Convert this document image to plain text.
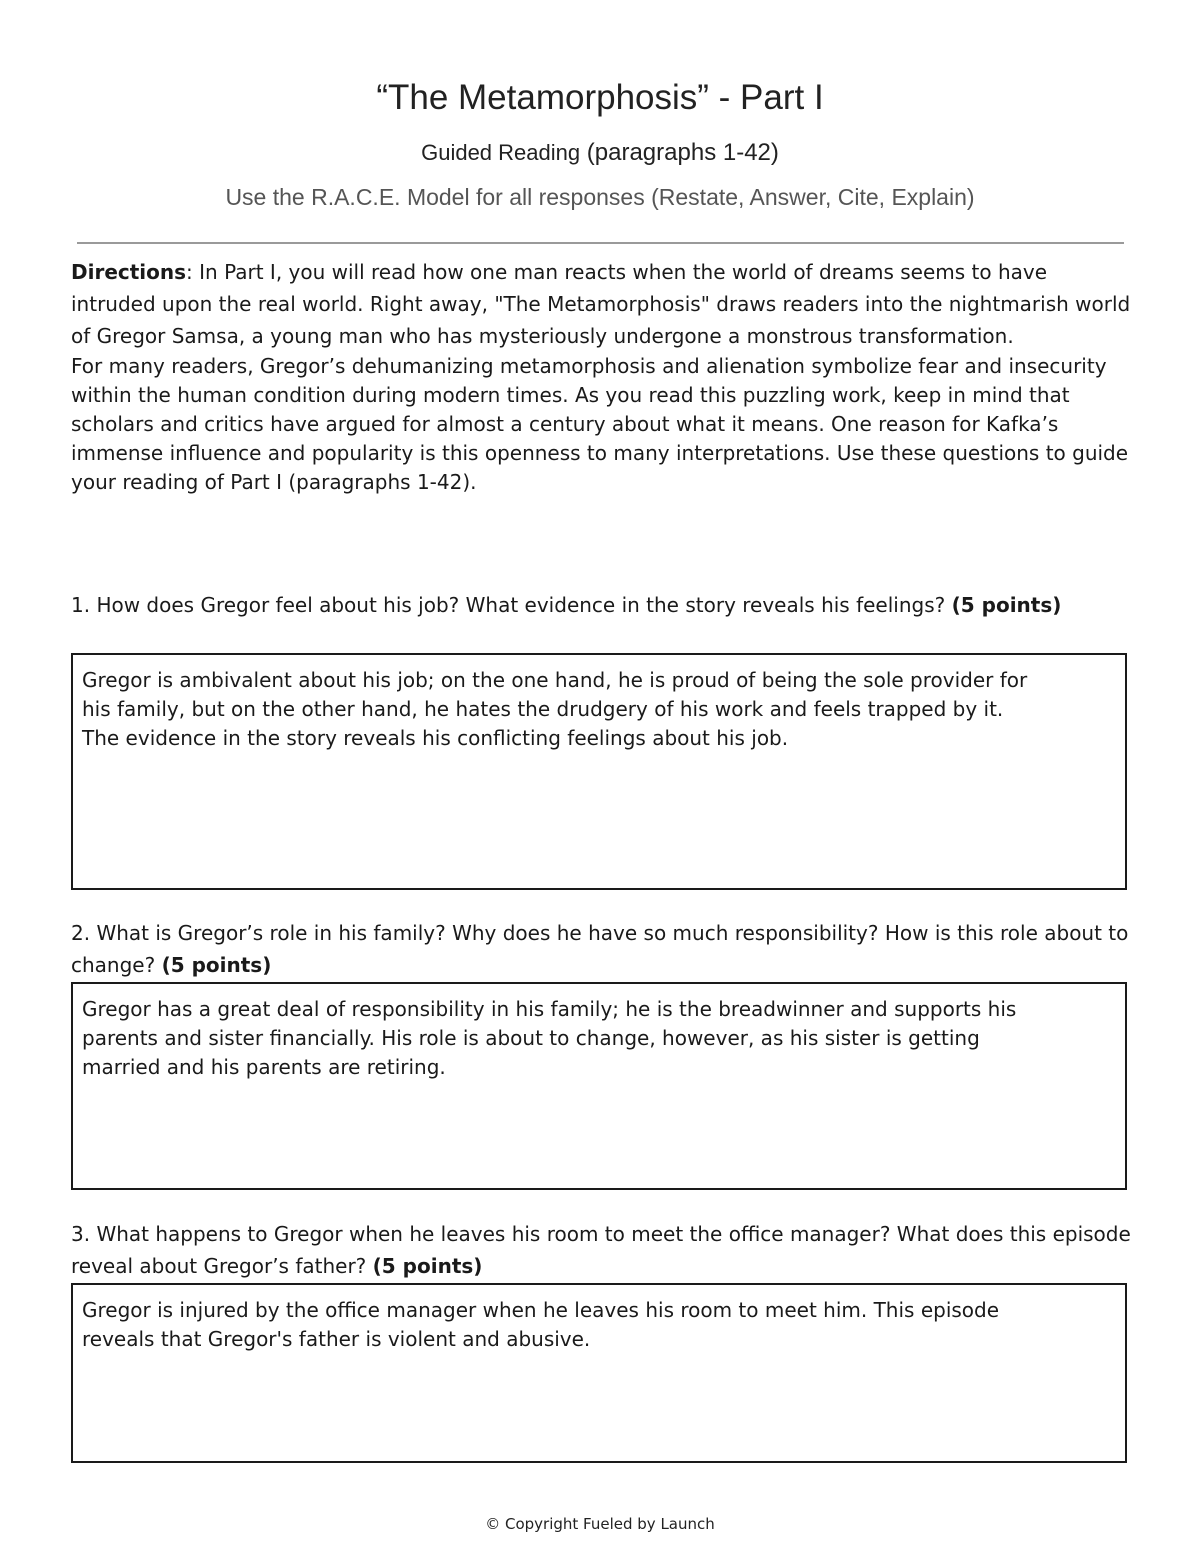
“The Metamorphosis” - Part I
Guided Reading (paragraphs 1-42)
Use the R.A.C.E. Model for all responses (Restate, Answer, Cite, Explain)
Directions: In Part I, you will read how one man reacts when the world of dreams seems to have intruded upon the real world. Right away, "The Metamorphosis" draws readers into the nightmarish world of Gregor Samsa, a young man who has mysteriously undergone a monstrous transformation.
For many readers, Gregor’s dehumanizing metamorphosis and alienation symbolize fear and insecurity within the human condition during modern times. As you read this puzzling work, keep in mind that scholars and critics have argued for almost a century about what it means. One reason for Kafka’s immense influence and popularity is this openness to many interpretations. Use these questions to guide your reading of Part I (paragraphs 1-42).

1. How does Gregor feel about his job? What evidence in the story reveals his feelings? (5 points)

Gregor is ambivalent about his job; on the one hand, he is proud of being the sole provider for his family, but on the other hand, he hates the drudgery of his work and feels trapped by it. The evidence in the story reveals his conflicting feelings about his job.

2. What is Gregor’s role in his family? Why does he have so much responsibility? How is this role about to change? (5 points)

Gregor has a great deal of responsibility in his family; he is the breadwinner and supports his parents and sister financially. His role is about to change, however, as his sister is getting married and his parents are retiring.

3. What happens to Gregor when he leaves his room to meet the office manager? What does this episode reveal about Gregor’s father? (5 points)

Gregor is injured by the office manager when he leaves his room to meet him. This episode reveals that Gregor's father is violent and abusive.
© Copyright Fueled by Launch
